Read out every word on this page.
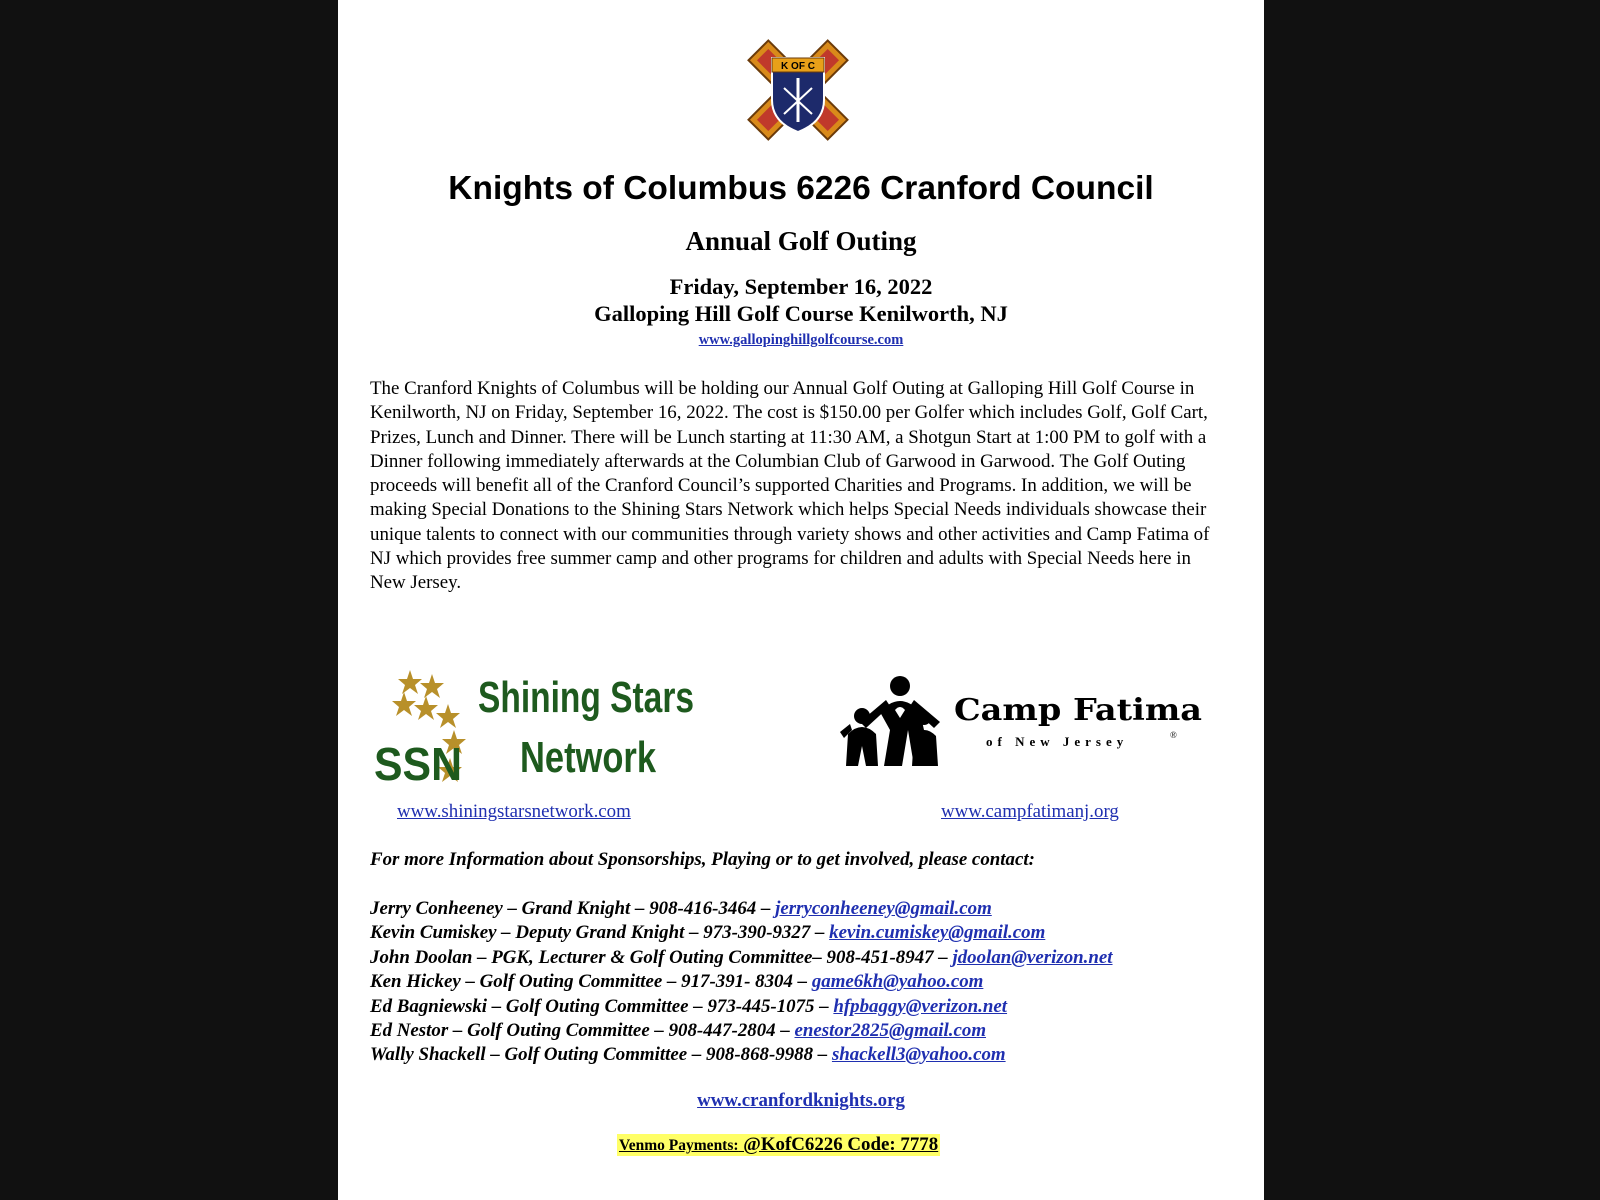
K OF C
Knights of Columbus 6226 Cranford Council
Annual Golf Outing
Friday, September 16, 2022
Galloping Hill Golf Course Kenilworth, NJ
www.gallopinghillgolfcourse.com
The Cranford Knights of Columbus will be holding our Annual Golf Outing at Galloping Hill Golf Course in Kenilworth, NJ on Friday, September 16, 2022. The cost is $150.00 per Golfer which includes Golf, Golf Cart, Prizes, Lunch and Dinner. There will be Lunch starting at 11:30 AM, a Shotgun Start at 1:00 PM to golf with a Dinner following immediately afterwards at the Columbian Club of Garwood in Garwood. The Golf Outing proceeds will benefit all of the Cranford Council’s supported Charities and Programs. In addition, we will be making Special Donations to the Shining Stars Network which helps Special Needs individuals showcase their unique talents to connect with our communities through variety shows and other activities and Camp Fatima of NJ which provides free summer camp and other programs for children and adults with Special Needs here in New Jersey.
SSN
Shining Stars
Network
Camp Fatima
of New Jersey	®
www.shiningstarsnetwork.com	www.campfatimanj.org
For more Information about Sponsorships, Playing or to get involved, please contact:
Jerry Conheeney – Grand Knight – 908-416-3464 – jerryconheeney@gmail.com
Kevin Cumiskey – Deputy Grand Knight – 973-390-9327 – kevin.cumiskey@gmail.com
John Doolan – PGK, Lecturer & Golf Outing Committee– 908-451-8947 – jdoolan@verizon.net
Ken Hickey – Golf Outing Committee – 917-391- 8304 – game6kh@yahoo.com
Ed Bagniewski – Golf Outing Committee – 973-445-1075 – hfpbaggy@verizon.net
Ed Nestor – Golf Outing Committee – 908-447-2804 – enestor2825@gmail.com
Wally Shackell – Golf Outing Committee – 908-868-9988 – shackell3@yahoo.com
www.cranfordknights.org
Venmo Payments: @KofC6226 Code: 7778
